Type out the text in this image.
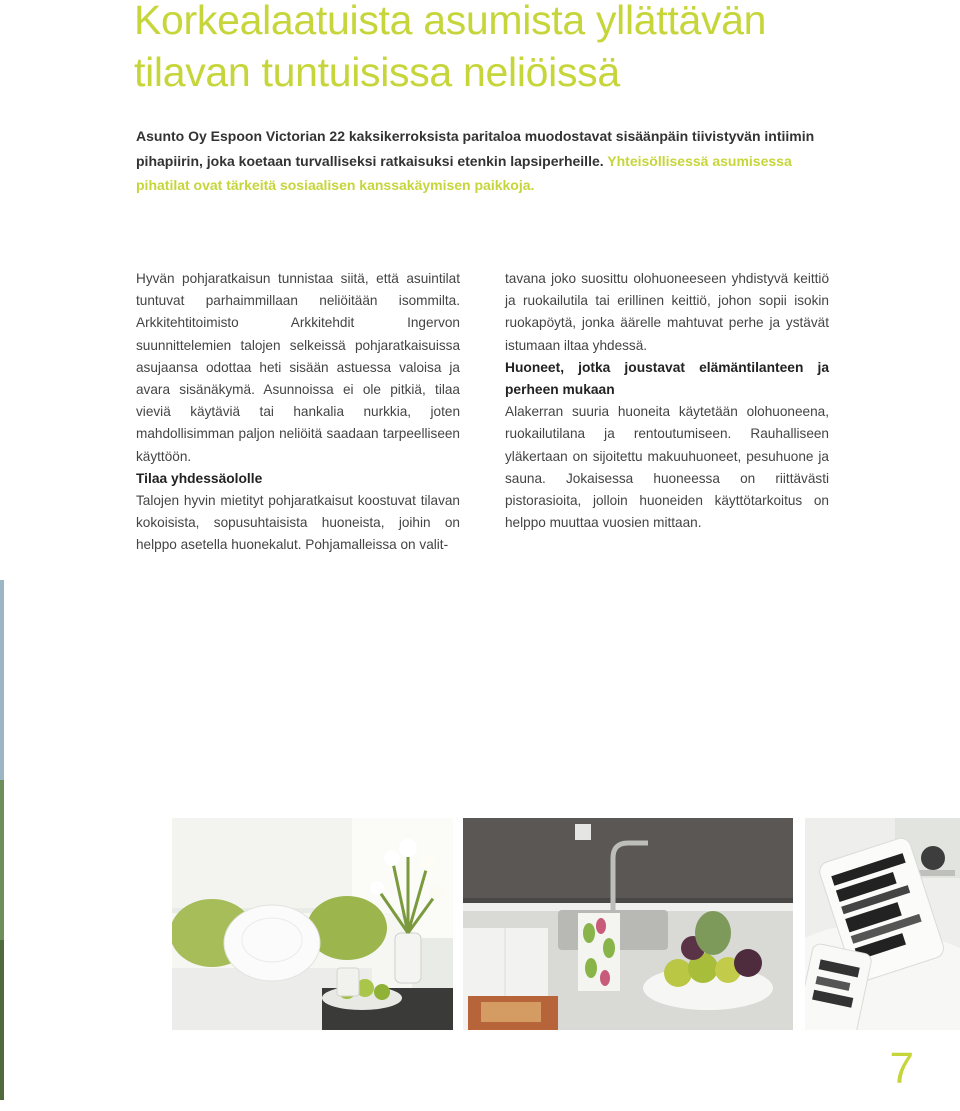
Korkealaatuista asumista yllättävän
tilavan tuntuisissa neliöissä

Asunto Oy Espoon Victorian 22 kaksikerroksista paritaloa muodostavat sisäänpäin tiivistyvän intiimin pihapiirin, joka koetaan turvalliseksi ratkaisuksi etenkin lapsiperheille. Yhteisöllisessä asumisessa pihatilat ovat tärkeitä sosiaalisen kanssakäymisen paikkoja.

Hyvän pohjaratkaisun tunnistaa siitä, että asuintilat tuntuvat parhaimmillaan neliöitään isommilta. Arkkitehtitoimisto Arkkitehdit Ingervon suunnittelemien talojen selkeissä pohjaratkaisuissa asujaansa odottaa heti sisään astuessa valoisa ja avara sisänäkymä. Asunnoissa ei ole pitkiä, tilaa vieviä käytäviä tai hankalia nurkkia, joten mahdollisimman paljon neliöitä saadaan tarpeelliseen käyttöön.

Tilaa yhdessäololle

Talojen hyvin mietityt pohjaratkaisut koostuvat tilavan kokoisista, sopusuhtaisista huoneista, joihin on helppo asetella huonekalut. Pohjamalleissa on valit-

tavana joko suosittu olohuoneeseen yhdistyvä keittiö ja ruokailutila tai erillinen keittiö, johon sopii isokin ruokapöytä, jonka äärelle mahtuvat perhe ja ystävät istumaan iltaa yhdessä.

Huoneet, jotka joustavat elämäntilanteen ja perheen mukaan

Alakerran suuria huoneita käytetään olohuoneena, ruokailutilana ja rentoutumiseen. Rauhalliseen yläkertaan on sijoitettu makuuhuoneet, pesuhuone ja sauna. Jokaisessa huoneessa on riittävästi pistorasioita, jolloin huoneiden käyttötarkoitus on helppo muuttaa vuosien mittaan.

7
